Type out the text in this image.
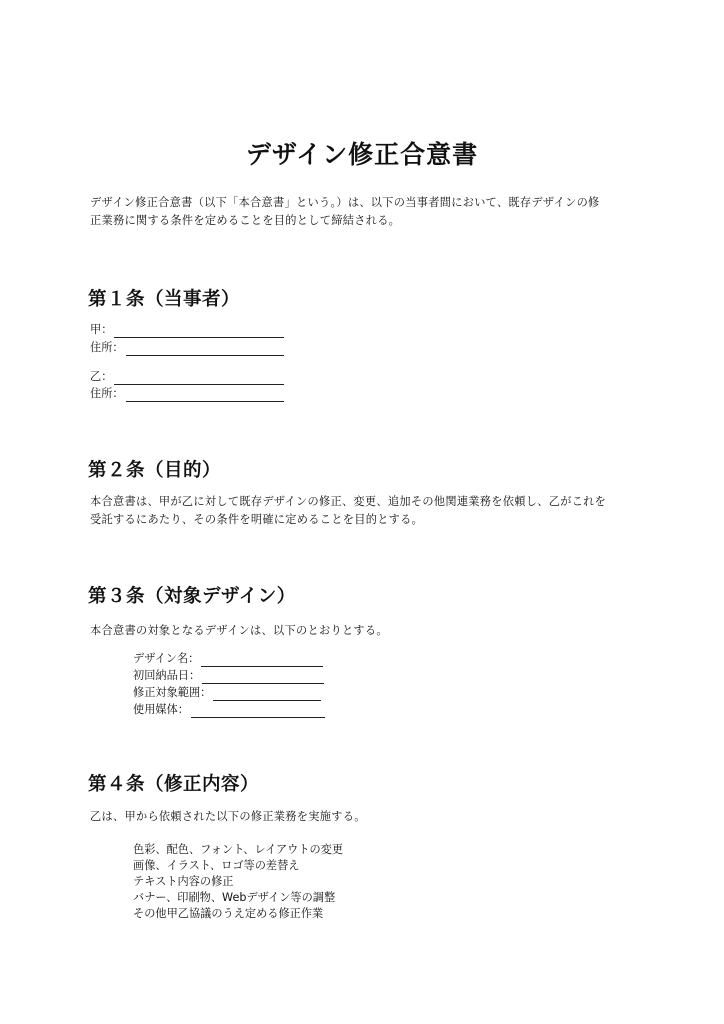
デザイン修正合意書

デザイン修正合意書（以下「本合意書」という。）は、以下の当事者間において、既存デザインの修
正業務に関する条件を定めることを目的として締結される。

第１条（当事者）
甲：
住所：
乙：
住所：
第２条（目的）

本合意書は、甲が乙に対して既存デザインの修正、変更、追加その他関連業務を依頼し、乙がこれを
受託するにあたり、その条件を明確に定めることを目的とする。

第３条（対象デザイン）

本合意書の対象となるデザインは、以下のとおりとする。

デザイン名：
初回納品日：
修正対象範囲：
使用媒体：
第４条（修正内容）

乙は、甲から依頼された以下の修正業務を実施する。

色彩、配色、フォント、レイアウトの変更
画像、イラスト、ロゴ等の差替え
テキスト内容の修正
バナー、印刷物、Webデザイン等の調整
その他甲乙協議のうえ定める修正作業
